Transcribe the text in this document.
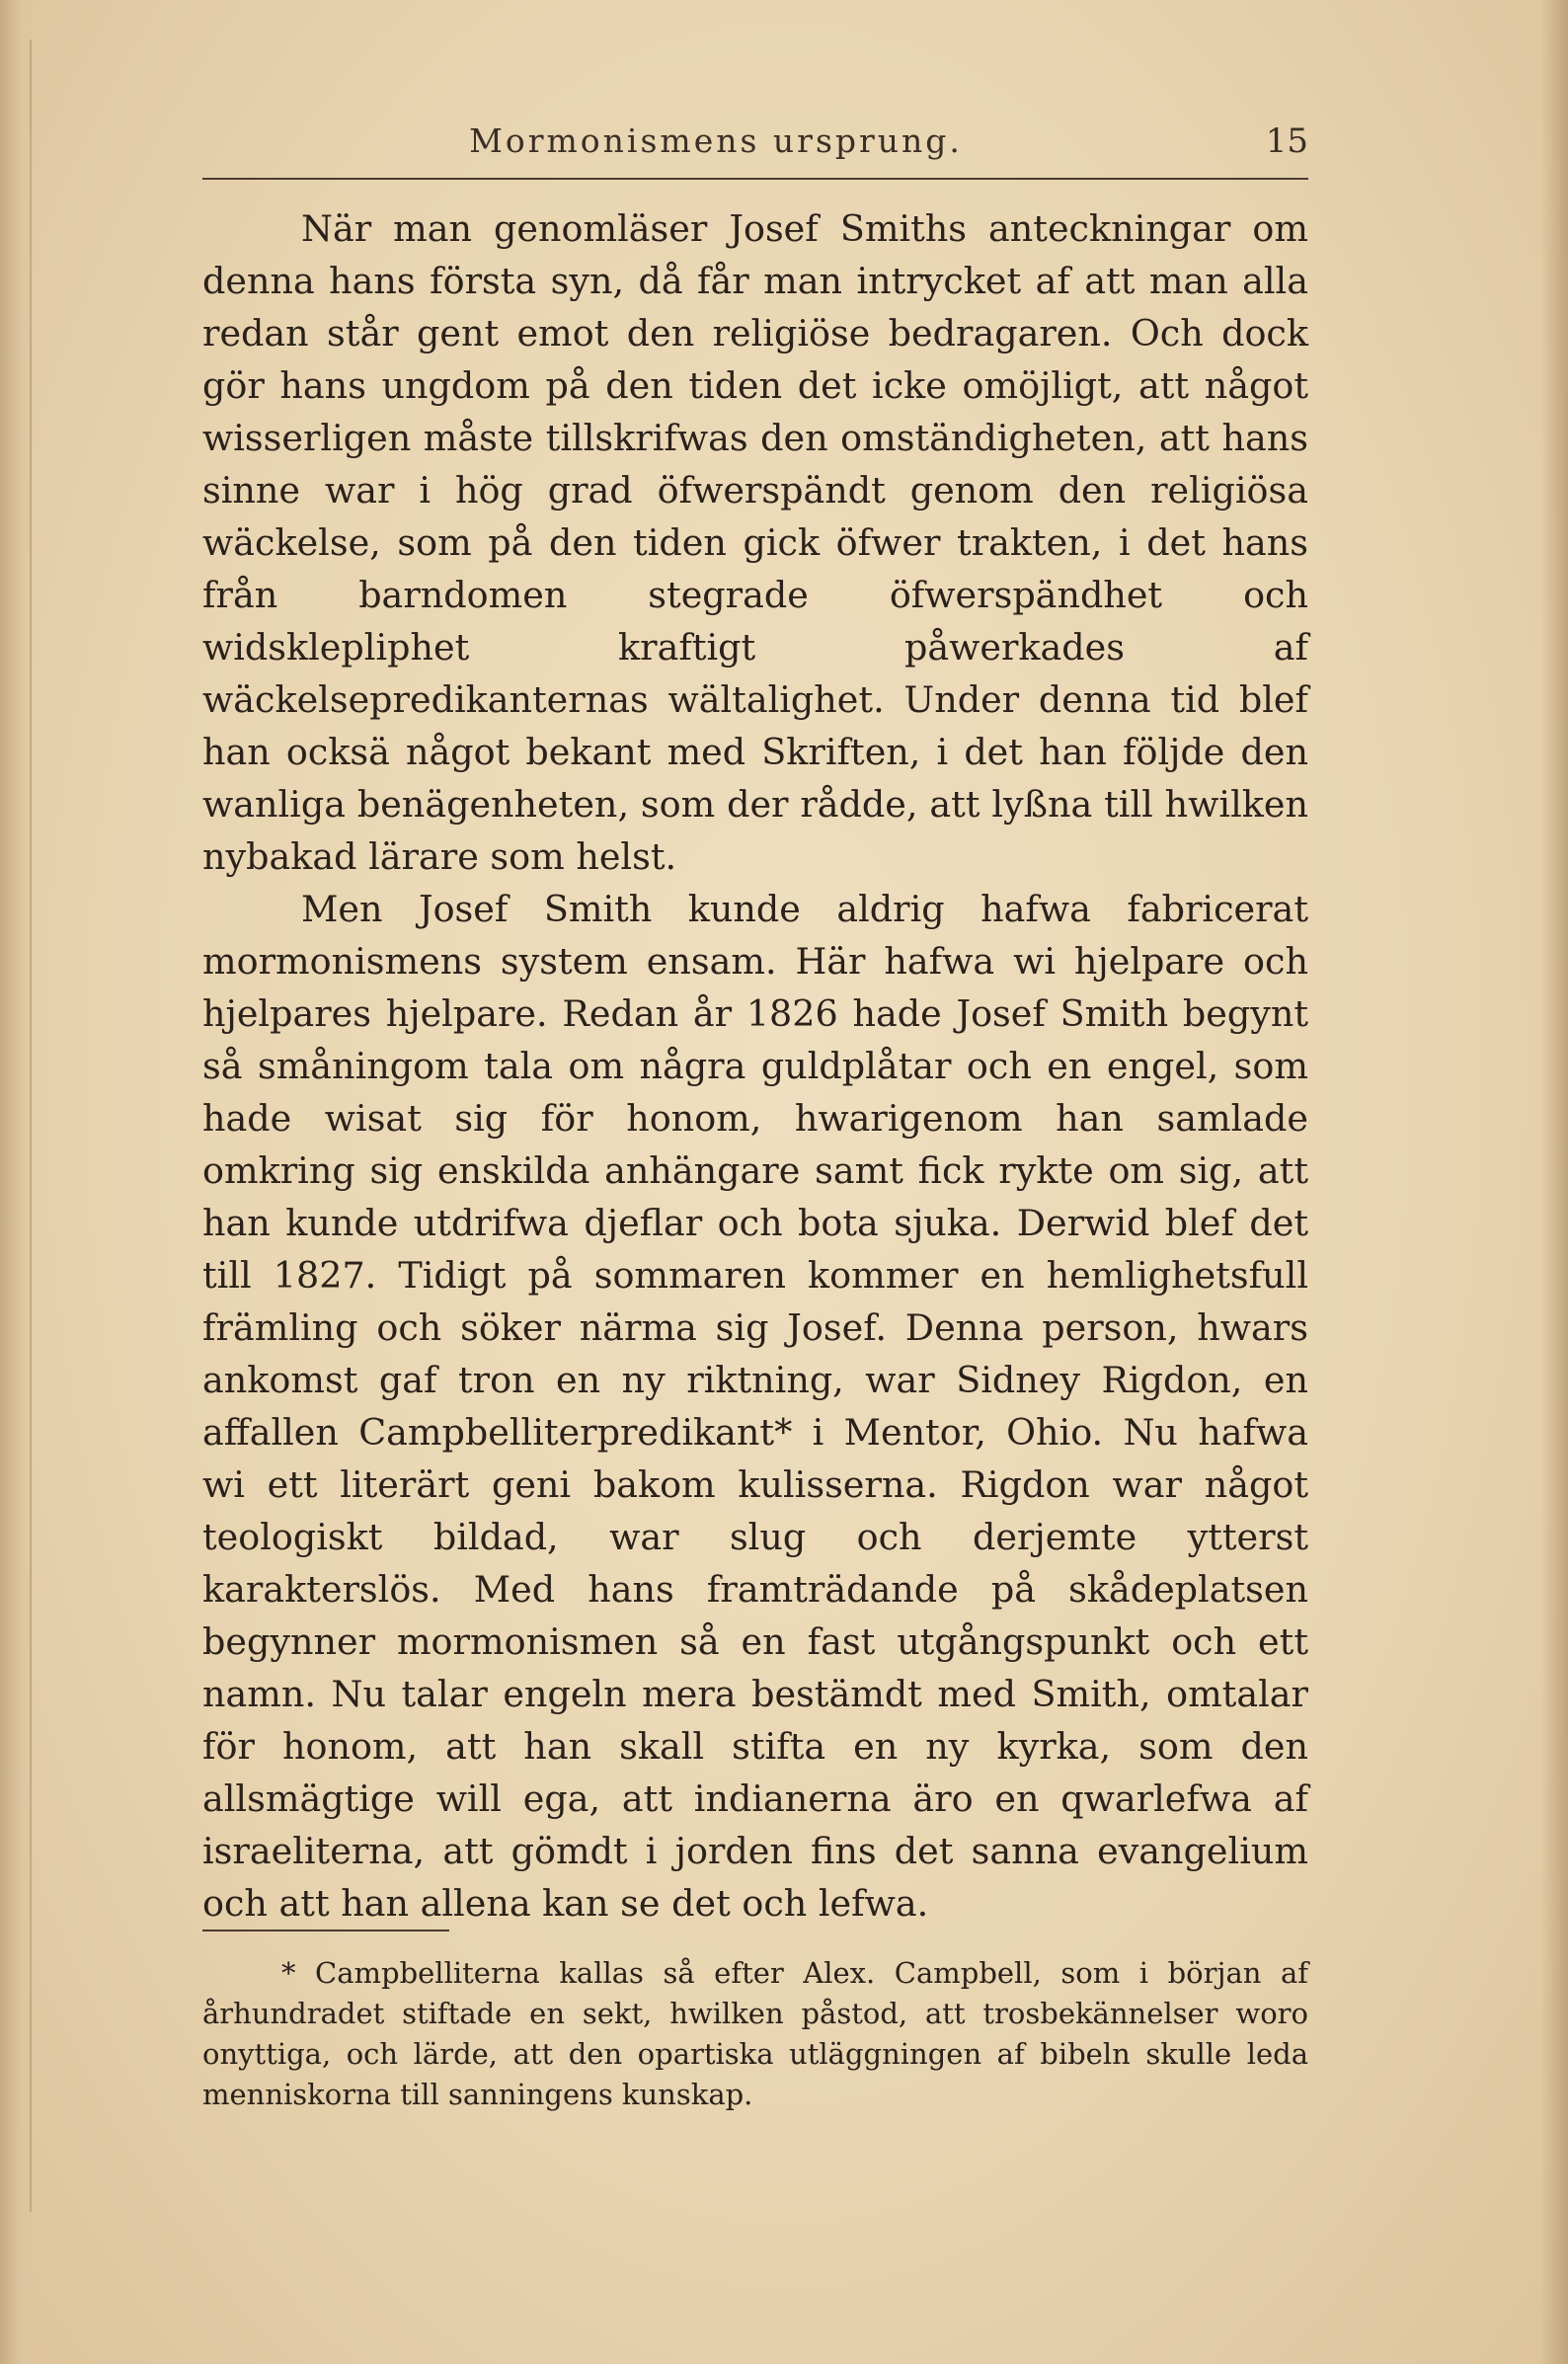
Mormonismens ursprung.	15

När man genomläser Josef Smiths anteckningar om denna hans första syn, då får man intrycket af att man alla redan står gent emot den religiöse bedragaren. Och dock gör hans ungdom på den tiden det icke omöjligt, att något wisserligen måste tillskrifwas den omständigheten, att hans sinne war i hög grad öfwerspändt genom den religiösa wäckelse, som på den tiden gick öfwer trakten, i det hans från barndomen stegrade öfwerspändhet och widsklepliphet kraftigt påwerkades af wäckelsepredikanternas wältalighet. Under denna tid blef han ocksä något bekant med Skriften, i det han följde den wanliga benägenheten, som der rådde, att lyßna till hwilken nybakad lärare som helst.

Men Josef Smith kunde aldrig hafwa fabricerat mormonismens system ensam. Här hafwa wi hjelpare och hjelpares hjelpare. Redan år 1826 hade Josef Smith begynt så småningom tala om några guldplåtar och en engel, som hade wisat sig för honom, hwarigenom han samlade omkring sig enskilda anhängare samt fick rykte om sig, att han kunde utdrifwa djeflar och bota sjuka. Derwid blef det till 1827. Tidigt på sommaren kommer en hemlighetsfull främling och söker närma sig Josef. Denna person, hwars ankomst gaf tron en ny riktning, war Sidney Rigdon, en affallen Campbelliterpredikant* i Mentor, Ohio. Nu hafwa wi ett literärt geni bakom kulisserna. Rigdon war något teologiskt bildad, war slug och derjemte ytterst karakterslös. Med hans framträdande på skådeplatsen begynner mormonismen så en fast utgångspunkt och ett namn. Nu talar engeln mera bestämdt med Smith, omtalar för honom, att han skall stifta en ny kyrka, som den allsmägtige will ega, att indianerna äro en qwarlefwa af israeliterna, att gömdt i jorden fins det sanna evangelium och att han allena kan se det och lefwa.

* Campbelliterna kallas så efter Alex. Campbell, som i början af århundradet stiftade en sekt, hwilken påstod, att trosbekännelser woro onyttiga, och lärde, att den opartiska utläggningen af bibeln skulle leda menniskorna till sanningens kunskap.
